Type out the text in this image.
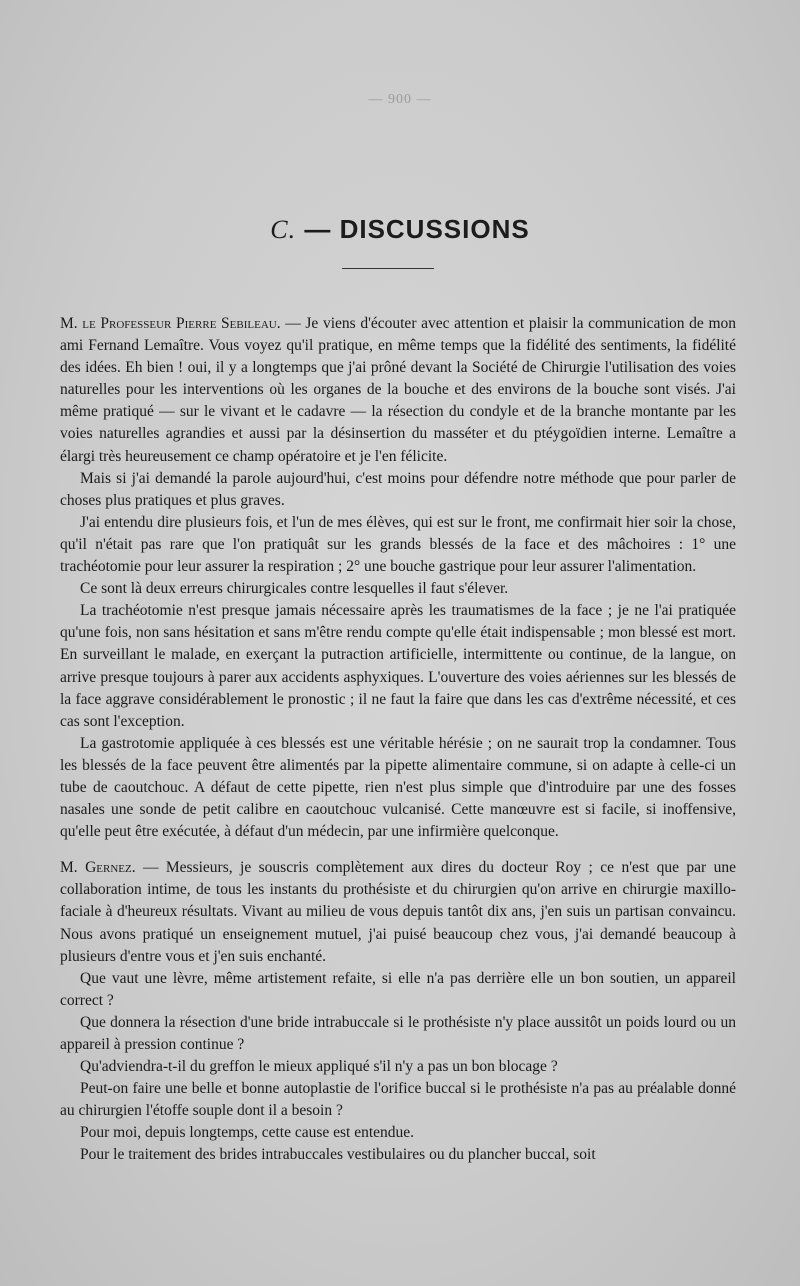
— 900 —
C. — DISCUSSIONS

M. le Professeur Pierre Sebileau. — Je viens d'écouter avec attention et plaisir la communication de mon ami Fernand Lemaître. Vous voyez qu'il pratique, en même temps que la fidélité des sentiments, la fidélité des idées. Eh bien ! oui, il y a longtemps que j'ai prôné devant la Société de Chirurgie l'utilisation des voies naturelles pour les interventions où les organes de la bouche et des environs de la bouche sont visés. J'ai même pratiqué — sur le vivant et le cadavre — la résection du condyle et de la branche montante par les voies naturelles agrandies et aussi par la désinsertion du masséter et du ptéygoïdien interne. Lemaître a élargi très heureusement ce champ opératoire et je l'en félicite.

Mais si j'ai demandé la parole aujourd'hui, c'est moins pour défendre notre méthode que pour parler de choses plus pratiques et plus graves.

J'ai entendu dire plusieurs fois, et l'un de mes élèves, qui est sur le front, me confirmait hier soir la chose, qu'il n'était pas rare que l'on pratiquât sur les grands blessés de la face et des mâchoires : 1° une trachéotomie pour leur assurer la respiration ; 2° une bouche gastrique pour leur assurer l'alimentation.

Ce sont là deux erreurs chirurgicales contre lesquelles il faut s'élever.

La trachéotomie n'est presque jamais nécessaire après les traumatismes de la face ; je ne l'ai pratiquée qu'une fois, non sans hésitation et sans m'être rendu compte qu'elle était indispensable ; mon blessé est mort. En surveillant le malade, en exerçant la putraction artificielle, intermittente ou continue, de la langue, on arrive presque toujours à parer aux accidents asphyxiques. L'ouverture des voies aériennes sur les blessés de la face aggrave considérablement le pronostic ; il ne faut la faire que dans les cas d'extrême nécessité, et ces cas sont l'exception.

La gastrotomie appliquée à ces blessés est une véritable hérésie ; on ne saurait trop la condamner. Tous les blessés de la face peuvent être alimentés par la pipette alimentaire commune, si on adapte à celle-ci un tube de caoutchouc. A défaut de cette pipette, rien n'est plus simple que d'introduire par une des fosses nasales une sonde de petit calibre en caoutchouc vulcanisé. Cette manœuvre est si facile, si inoffensive, qu'elle peut être exécutée, à défaut d'un médecin, par une infirmière quelconque.

M. Gernez. — Messieurs, je souscris complètement aux dires du docteur Roy ; ce n'est que par une collaboration intime, de tous les instants du prothésiste et du chirurgien qu'on arrive en chirurgie maxillo-faciale à d'heureux résultats. Vivant au milieu de vous depuis tantôt dix ans, j'en suis un partisan convaincu. Nous avons pratiqué un enseignement mutuel, j'ai puisé beaucoup chez vous, j'ai demandé beaucoup à plusieurs d'entre vous et j'en suis enchanté.

Que vaut une lèvre, même artistement refaite, si elle n'a pas derrière elle un bon soutien, un appareil correct ?

Que donnera la résection d'une bride intrabuccale si le prothésiste n'y place aussitôt un poids lourd ou un appareil à pression continue ?

Qu'adviendra-t-il du greffon le mieux appliqué s'il n'y a pas un bon blocage ?

Peut-on faire une belle et bonne autoplastie de l'orifice buccal si le prothésiste n'a pas au préalable donné au chirurgien l'étoffe souple dont il a besoin ?

Pour moi, depuis longtemps, cette cause est entendue.

Pour le traitement des brides intrabuccales vestibulaires ou du plancher buccal, soit
